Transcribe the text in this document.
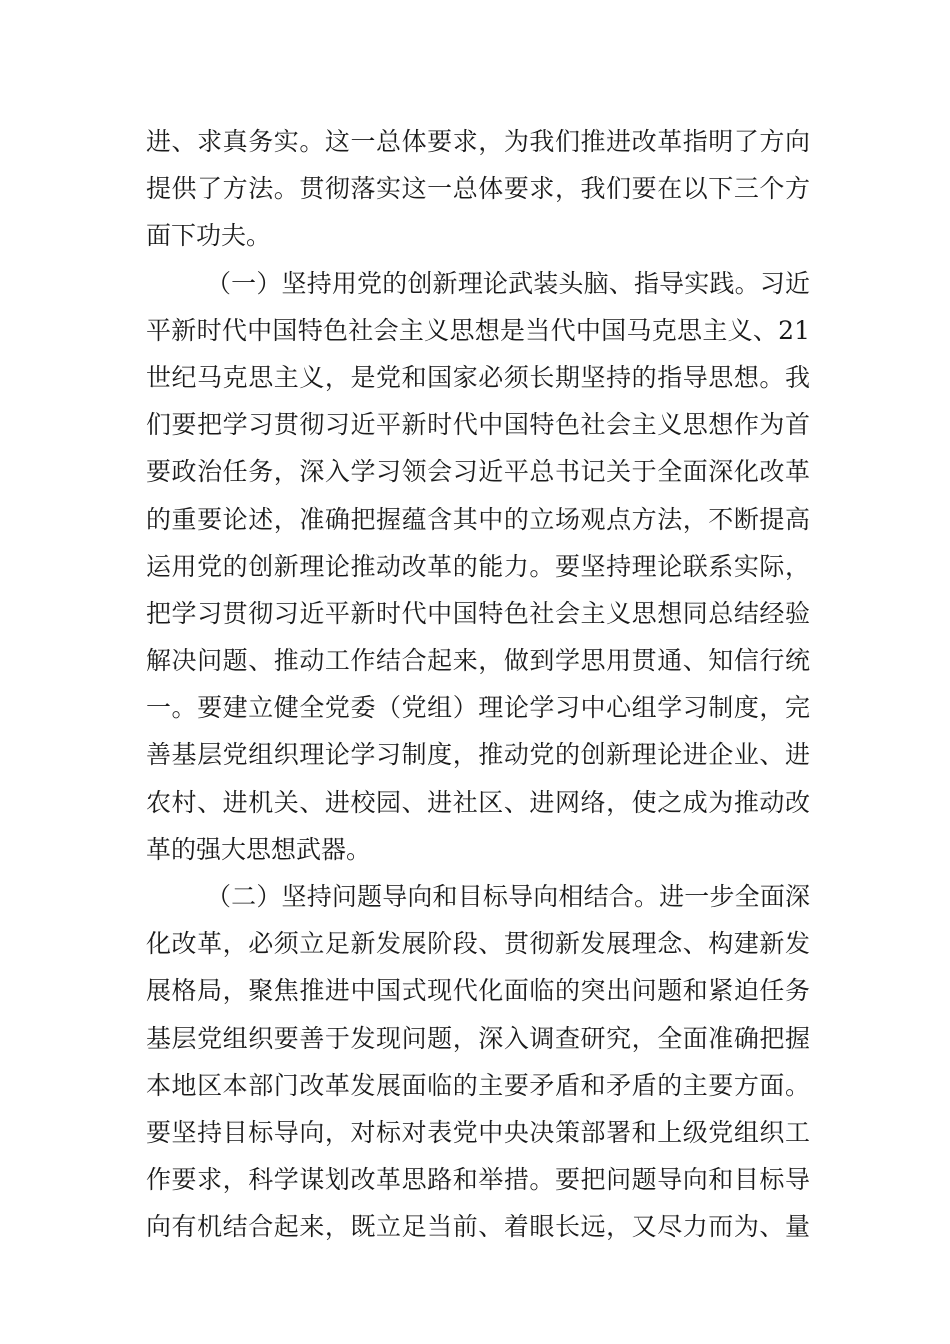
进、求真务实。这一总体要求，为我们推进改革指明了方向
提供了方法。贯彻落实这一总体要求，我们要在以下三个方
面下功夫。
（一）坚持用党的创新理论武装头脑、指导实践。习近
平新时代中国特色社会主义思想是当代中国马克思主义、21
世纪马克思主义，是党和国家必须长期坚持的指导思想。我
们要把学习贯彻习近平新时代中国特色社会主义思想作为首
要政治任务，深入学习领会习近平总书记关于全面深化改革
的重要论述，准确把握蕴含其中的立场观点方法，不断提高
运用党的创新理论推动改革的能力。要坚持理论联系实际，
把学习贯彻习近平新时代中国特色社会主义思想同总结经验
解决问题、推动工作结合起来，做到学思用贯通、知信行统
一。要建立健全党委（党组）理论学习中心组学习制度，完
善基层党组织理论学习制度，推动党的创新理论进企业、进
农村、进机关、进校园、进社区、进网络，使之成为推动改
革的强大思想武器。
（二）坚持问题导向和目标导向相结合。进一步全面深
化改革，必须立足新发展阶段、贯彻新发展理念、构建新发
展格局，聚焦推进中国式现代化面临的突出问题和紧迫任务
基层党组织要善于发现问题，深入调查研究，全面准确把握
本地区本部门改革发展面临的主要矛盾和矛盾的主要方面。
要坚持目标导向，对标对表党中央决策部署和上级党组织工
作要求，科学谋划改革思路和举措。要把问题导向和目标导
向有机结合起来，既立足当前、着眼长远，又尽力而为、量
